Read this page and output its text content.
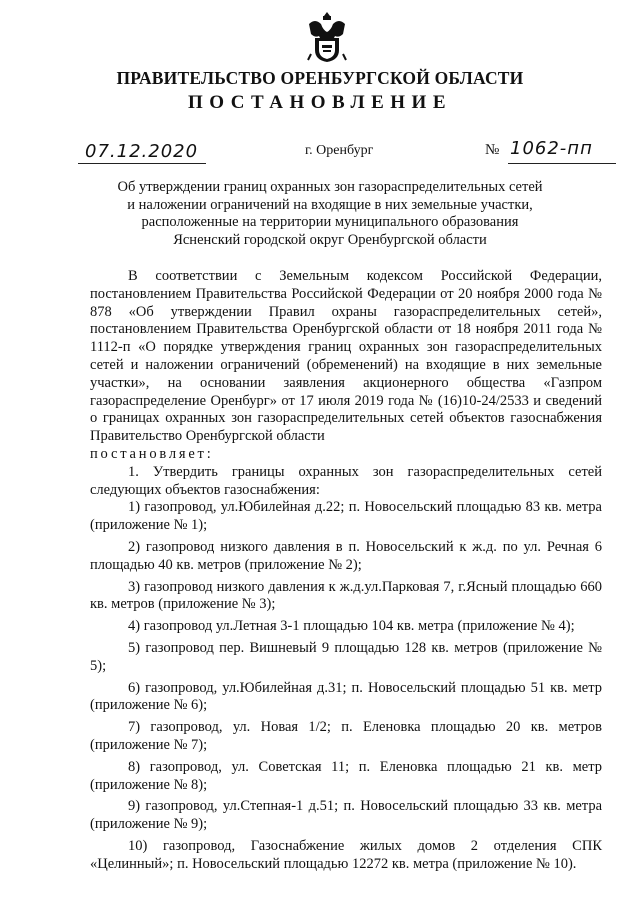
ПРАВИТЕЛЬСТВО ОРЕНБУРГСКОЙ ОБЛАСТИ
ПОСТАНОВЛЕНИЕ
07.12.2020	г. Оренбург	№ 1062-пп
Об утверждении границ охранных зон газораспределительных сетей
и наложении ограничений на входящие в них земельные участки,
расположенные на территории муниципального образования
Ясненский городской округ Оренбургской области

В соответствии с Земельным кодексом Российской Федерации, постановлением Правительства Российской Федерации от 20 ноября 2000 года № 878 «Об утверждении Правил охраны газораспределительных сетей», постановлением Правительства Оренбургской области от 18 ноября 2011 года № 1112-п «О порядке утверждения границ охранных зон газораспределительных сетей и наложении ограничений (обременений) на входящие в них земельные участки», на основании заявления акционерного общества «Газпром газораспределение Оренбург» от 17 июля 2019 года № (16)10-24/2533 и сведений о границах охранных зон газораспределительных сетей объектов газоснабжения Правительство Оренбургской области

постановляет:

1. Утвердить границы охранных зон газораспределительных сетей следующих объектов газоснабжения:

1) газопровод, ул.Юбилейная д.22; п. Новосельский площадью 83 кв. метра (приложение № 1);

2) газопровод низкого давления в п. Новосельский к ж.д. по ул. Речная 6 площадью 40 кв. метров (приложение № 2);

3) газопровод низкого давления к ж.д.ул.Парковая 7, г.Ясный площадью 660 кв. метров (приложение № 3);

4) газопровод ул.Летная 3-1 площадью 104 кв. метра (приложение № 4);

5) газопровод пер. Вишневый 9 площадью 128 кв. метров (приложение № 5);

6) газопровод, ул.Юбилейная д.31; п. Новосельский площадью 51 кв. метр (приложение № 6);

7) газопровод, ул. Новая 1/2; п. Еленовка площадью 20 кв. метров (приложение № 7);

8) газопровод, ул. Советская 11; п. Еленовка площадью 21 кв. метр (приложение № 8);

9) газопровод, ул.Степная-1 д.51; п. Новосельский площадью 33 кв. метра (приложение № 9);

10) газопровод, Газоснабжение жилых домов 2 отделения СПК «Целинный»; п. Новосельский площадью 12272 кв. метра (приложение № 10).
